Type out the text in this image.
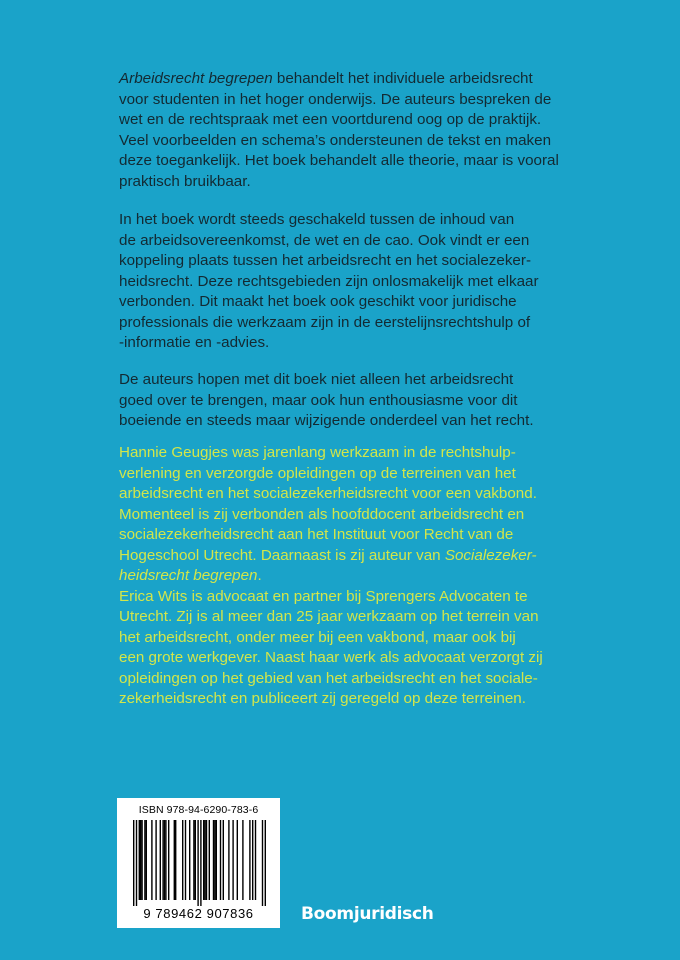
Arbeidsrecht begrepen behandelt het individuele arbeidsrecht
voor studenten in het hoger onderwijs. De auteurs bespreken de
wet en de rechtspraak met een voortdurend oog op de praktijk.
Veel voorbeelden en schema’s ondersteunen de tekst en maken
deze toegankelijk. Het boek behandelt alle theorie, maar is vooral
praktisch bruikbaar.
In het boek wordt steeds geschakeld tussen de inhoud van
de arbeidsovereenkomst, de wet en de cao. Ook vindt er een
koppeling plaats tussen het arbeidsrecht en het socialezeker-
heidsrecht. Deze rechtsgebieden zijn onlosmakelijk met elkaar
verbonden. Dit maakt het boek ook geschikt voor juridische
professionals die werkzaam zijn in de eerstelijnsrechtshulp of
-informatie en -advies.
De auteurs hopen met dit boek niet alleen het arbeidsrecht
goed over te brengen, maar ook hun enthousiasme voor dit
boeiende en steeds maar wijzigende onderdeel van het recht.
Hannie Geugjes was jarenlang werkzaam in de rechtshulp-
verlening en verzorgde opleidingen op de terreinen van het
arbeidsrecht en het socialezekerheidsrecht voor een vakbond.
Momenteel is zij verbonden als hoofddocent arbeidsrecht en
socialezekerheidsrecht aan het Instituut voor Recht van de
Hogeschool Utrecht. Daarnaast is zij auteur van Socialezeker-
heidsrecht begrepen.
Erica Wits is advocaat en partner bij Sprengers Advocaten te
Utrecht. Zij is al meer dan 25 jaar werkzaam op het terrein van
het arbeidsrecht, onder meer bij een vakbond, maar ook bij
een grote werkgever. Naast haar werk als advocaat verzorgt zij
opleidingen op het gebied van het arbeidsrecht en het sociale-
zekerheidsrecht en publiceert zij geregeld op deze terreinen.
ISBN 978-94-6290-783-6
9 789462 907836	Boomjuridisch
